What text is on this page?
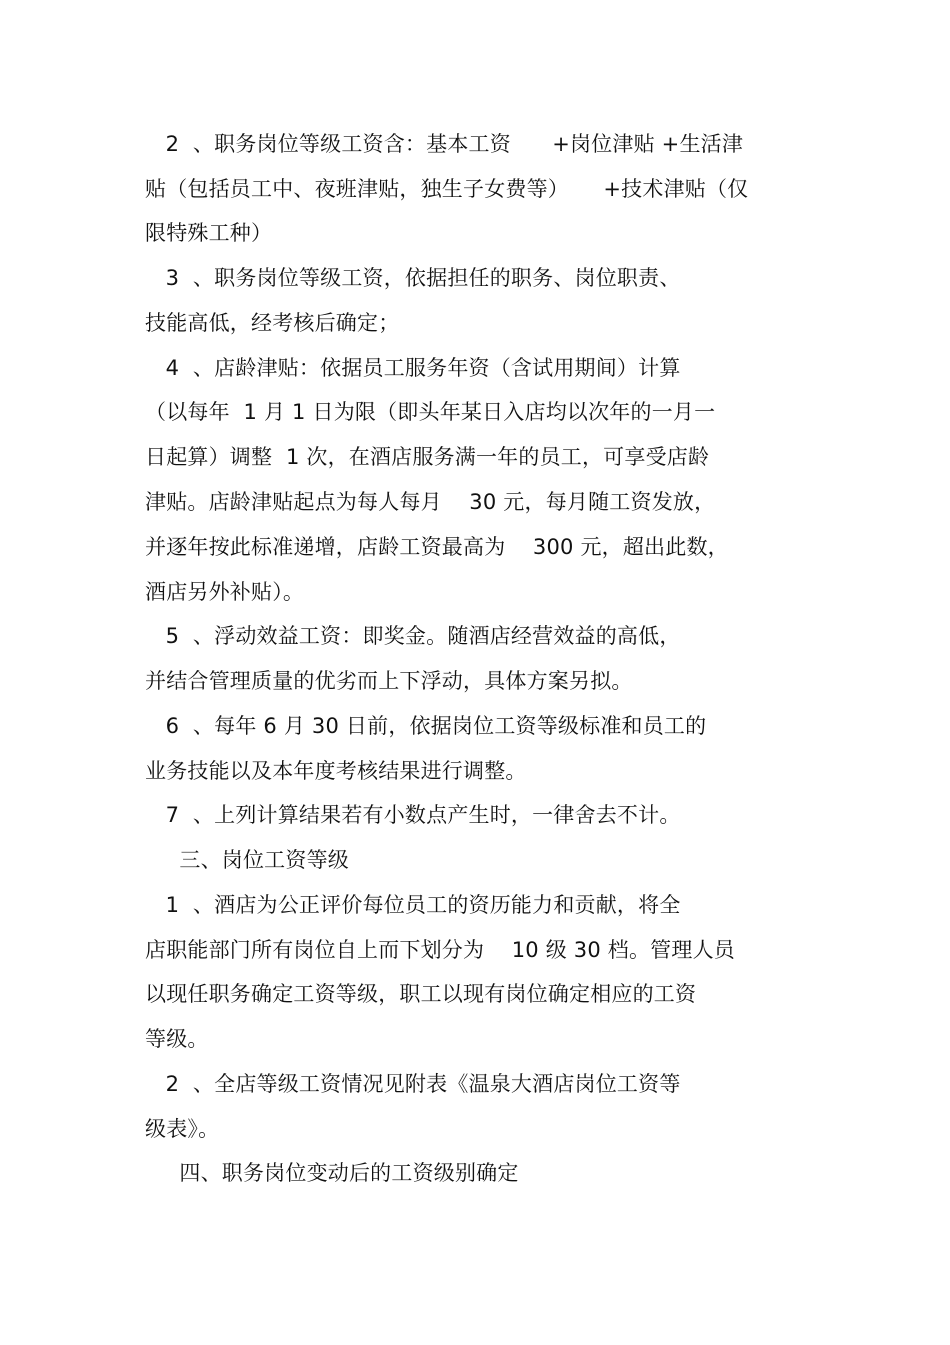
2  、职务岗位等级工资含：基本工资      +岗位津贴 +生活津
贴（包括员工中、夜班津贴，独生子女费等）     +技术津贴（仅
限特殊工种）
3  、职务岗位等级工资，依据担任的职务、岗位职责、
技能高低，经考核后确定；
4  、店龄津贴：依据员工服务年资（含试用期间）计算
（以每年  1 月 1 日为限（即头年某日入店均以次年的一月一
日起算）调整  1 次，在酒店服务满一年的员工，可享受店龄
津贴。店龄津贴起点为每人每月    30 元，每月随工资发放，
并逐年按此标准递增，店龄工资最高为    300 元，超出此数，
酒店另外补贴）。
5  、浮动效益工资：即奖金。随酒店经营效益的高低，
并结合管理质量的优劣而上下浮动，具体方案另拟。
6  、每年 6 月 30 日前，依据岗位工资等级标准和员工的
业务技能以及本年度考核结果进行调整。
7  、上列计算结果若有小数点产生时，一律舍去不计。
三、岗位工资等级
1  、酒店为公正评价每位员工的资历能力和贡献，将全
店职能部门所有岗位自上而下划分为    10 级 30 档。管理人员
以现任职务确定工资等级，职工以现有岗位确定相应的工资
等级。
2  、全店等级工资情况见附表《温泉大酒店岗位工资等
级表》。
四、职务岗位变动后的工资级别确定
